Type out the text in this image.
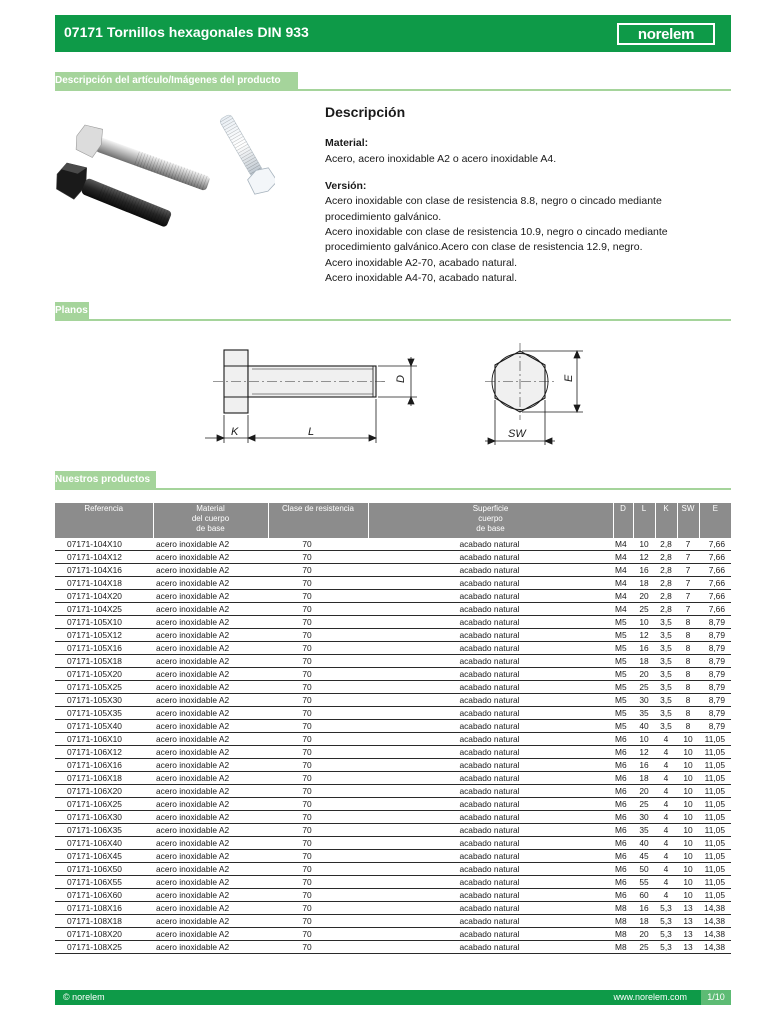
07171 Tornillos hexagonales DIN 933	norelem
Descripción del artículo/Imágenes del producto
Descripción
Material:
Acero, acero inoxidable A2 o acero inoxidable A4.
Versión:
Acero inoxidable con clase de resistencia 8.8, negro o cincado mediante
procedimiento galvánico.
Acero inoxidable con clase de resistencia 10.9, negro o cincado mediante
procedimiento galvánico.Acero con clase de resistencia 12.9, negro.
Acero inoxidable A2-70, acabado natural.
Acero inoxidable A4-70, acabado natural.
Planos
D
K	L
E
SW
Nuestros productos
Referencia	Material
del cuerpo
de base	Clase de resistencia	Superficie
cuerpo
de base	D	L	K	SW	E
07171-104X10	acero inoxidable A2	70	acabado natural	M4	10	2,8	7	7,66
07171-104X12	acero inoxidable A2	70	acabado natural	M4	12	2,8	7	7,66
07171-104X16	acero inoxidable A2	70	acabado natural	M4	16	2,8	7	7,66
07171-104X18	acero inoxidable A2	70	acabado natural	M4	18	2,8	7	7,66
07171-104X20	acero inoxidable A2	70	acabado natural	M4	20	2,8	7	7,66
07171-104X25	acero inoxidable A2	70	acabado natural	M4	25	2,8	7	7,66
07171-105X10	acero inoxidable A2	70	acabado natural	M5	10	3,5	8	8,79
07171-105X12	acero inoxidable A2	70	acabado natural	M5	12	3,5	8	8,79
07171-105X16	acero inoxidable A2	70	acabado natural	M5	16	3,5	8	8,79
07171-105X18	acero inoxidable A2	70	acabado natural	M5	18	3,5	8	8,79
07171-105X20	acero inoxidable A2	70	acabado natural	M5	20	3,5	8	8,79
07171-105X25	acero inoxidable A2	70	acabado natural	M5	25	3,5	8	8,79
07171-105X30	acero inoxidable A2	70	acabado natural	M5	30	3,5	8	8,79
07171-105X35	acero inoxidable A2	70	acabado natural	M5	35	3,5	8	8,79
07171-105X40	acero inoxidable A2	70	acabado natural	M5	40	3,5	8	8,79
07171-106X10	acero inoxidable A2	70	acabado natural	M6	10	4	10	11,05
07171-106X12	acero inoxidable A2	70	acabado natural	M6	12	4	10	11,05
07171-106X16	acero inoxidable A2	70	acabado natural	M6	16	4	10	11,05
07171-106X18	acero inoxidable A2	70	acabado natural	M6	18	4	10	11,05
07171-106X20	acero inoxidable A2	70	acabado natural	M6	20	4	10	11,05
07171-106X25	acero inoxidable A2	70	acabado natural	M6	25	4	10	11,05
07171-106X30	acero inoxidable A2	70	acabado natural	M6	30	4	10	11,05
07171-106X35	acero inoxidable A2	70	acabado natural	M6	35	4	10	11,05
07171-106X40	acero inoxidable A2	70	acabado natural	M6	40	4	10	11,05
07171-106X45	acero inoxidable A2	70	acabado natural	M6	45	4	10	11,05
07171-106X50	acero inoxidable A2	70	acabado natural	M6	50	4	10	11,05
07171-106X55	acero inoxidable A2	70	acabado natural	M6	55	4	10	11,05
07171-106X60	acero inoxidable A2	70	acabado natural	M6	60	4	10	11,05
07171-108X16	acero inoxidable A2	70	acabado natural	M8	16	5,3	13	14,38
07171-108X18	acero inoxidable A2	70	acabado natural	M8	18	5,3	13	14,38
07171-108X20	acero inoxidable A2	70	acabado natural	M8	20	5,3	13	14,38
07171-108X25	acero inoxidable A2	70	acabado natural	M8	25	5,3	13	14,38
© norelem	www.norelem.com	1/10
